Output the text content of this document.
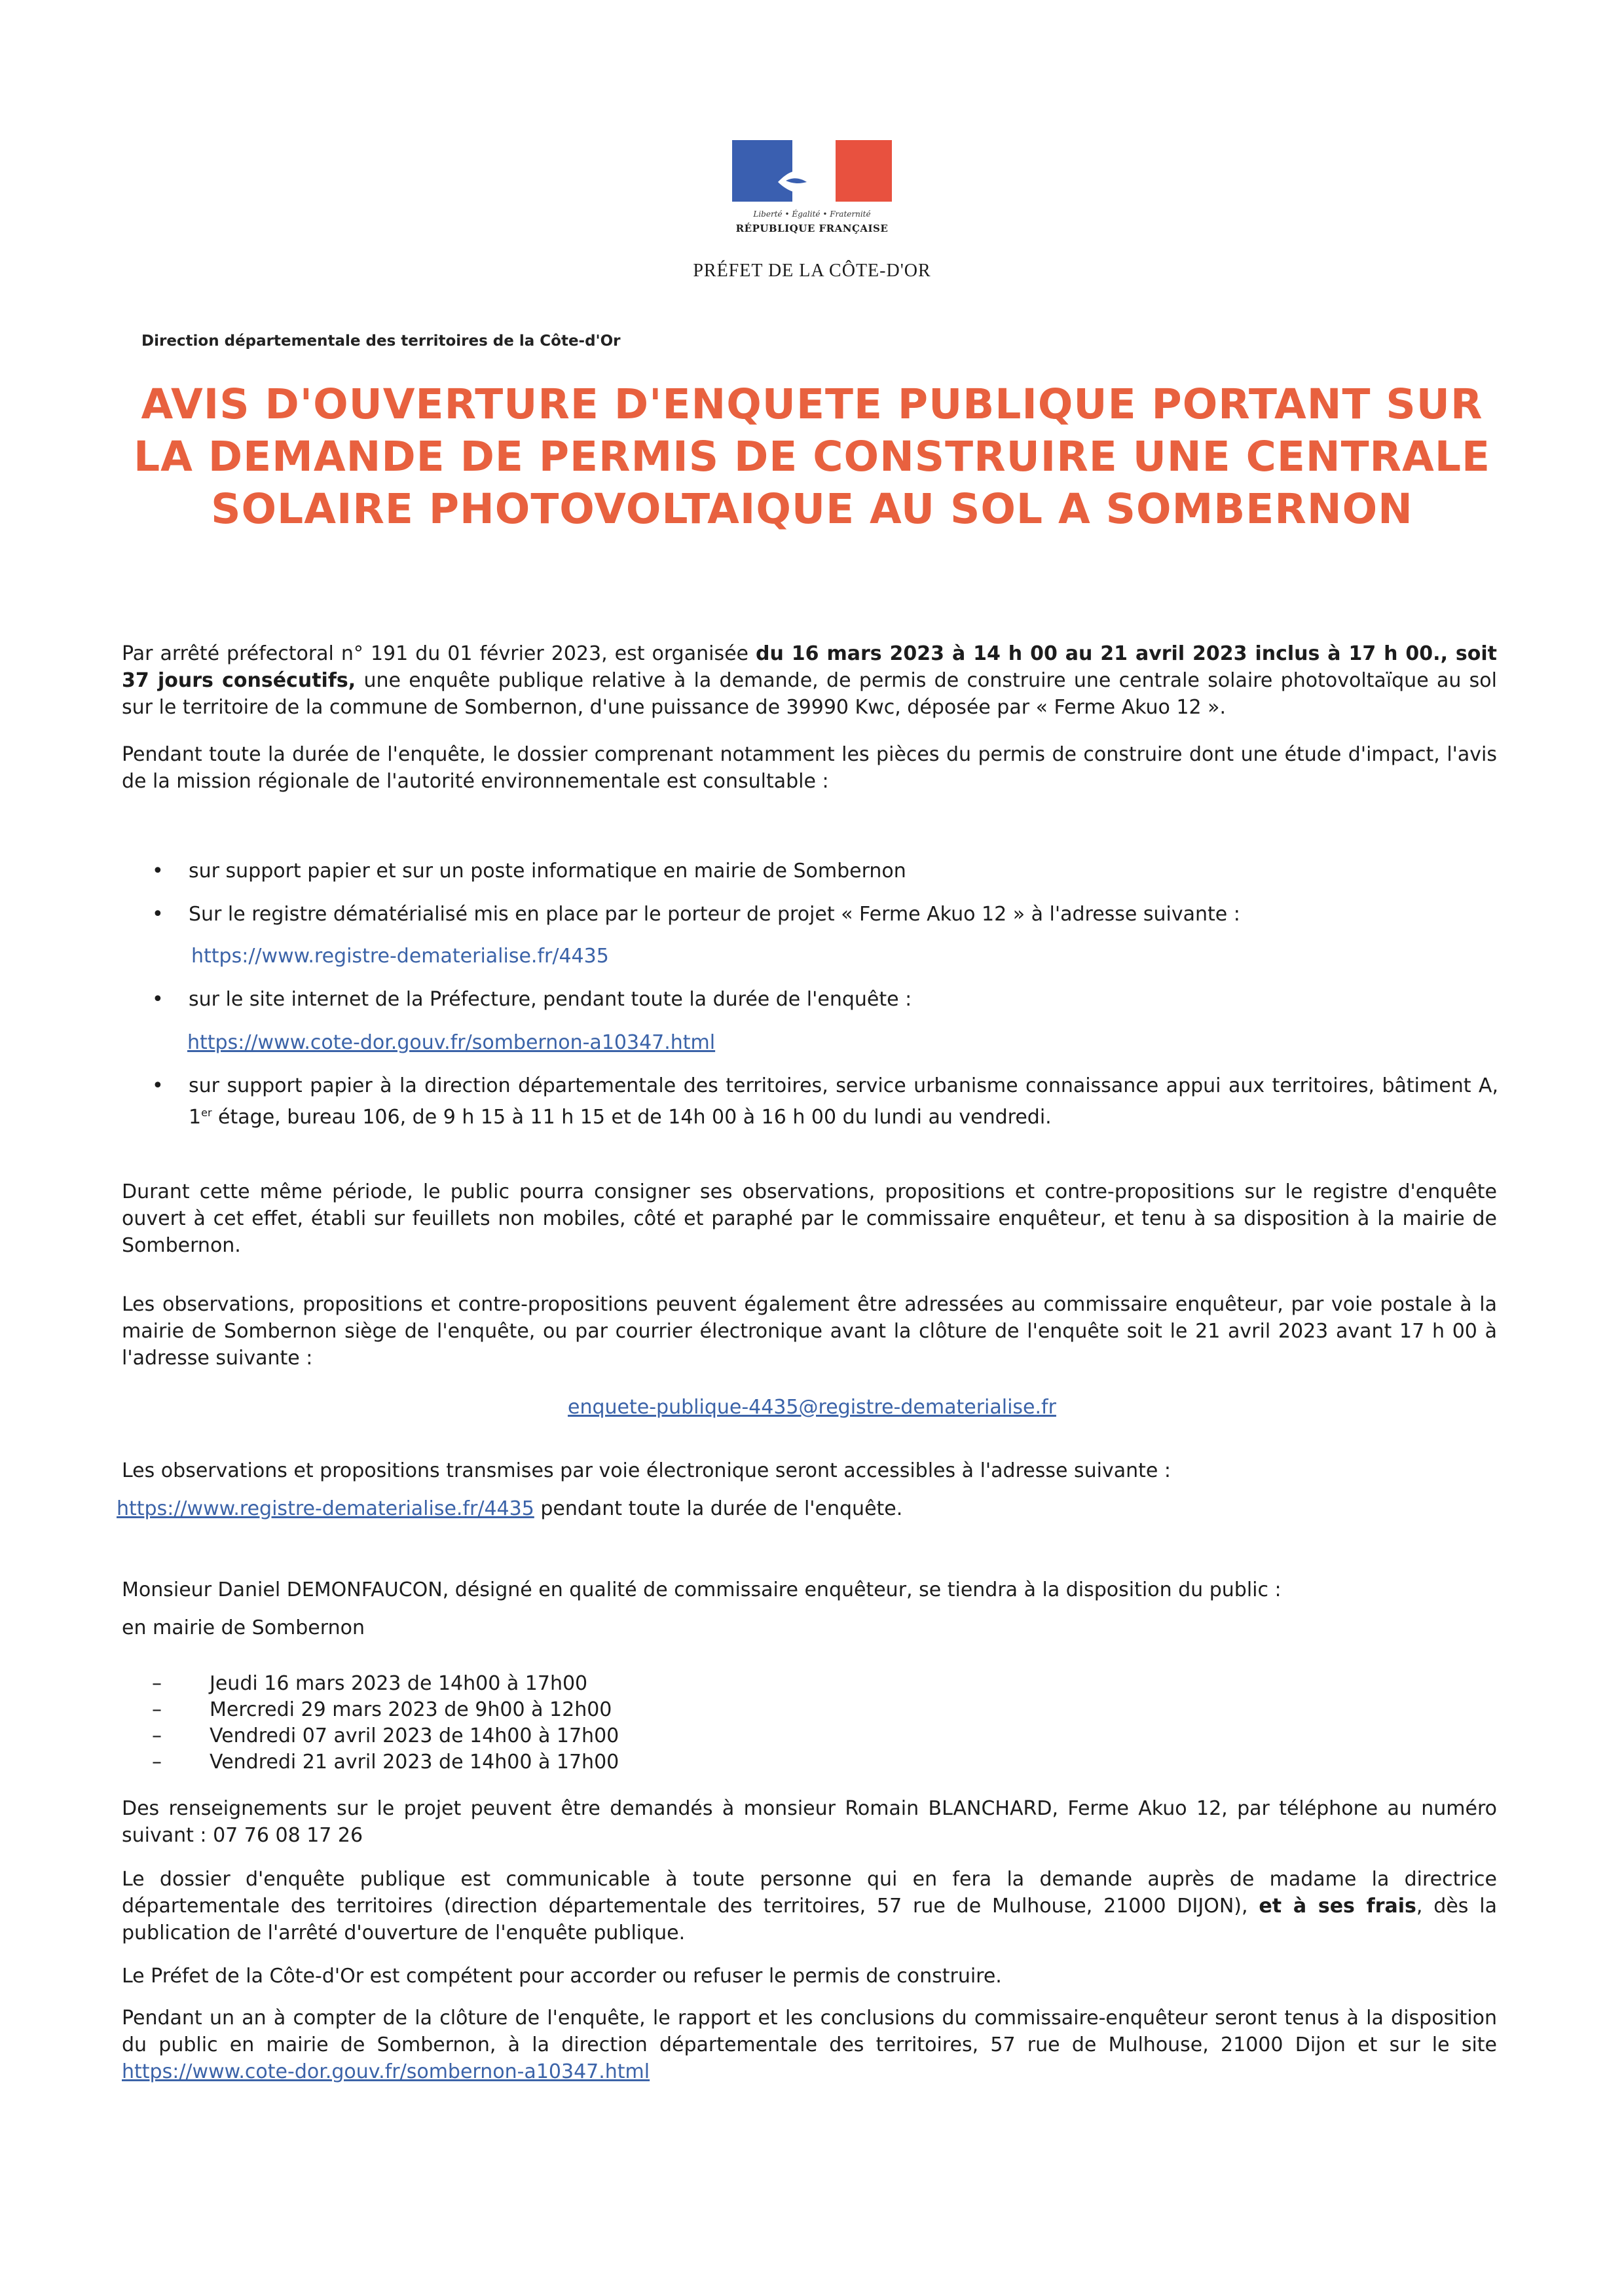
Liberté • Égalité • Fraternité
RÉPUBLIQUE FRANÇAISE
PRÉFET DE LA CÔTE-D'OR
Direction départementale des territoires de la Côte-d'Or
AVIS D'OUVERTURE D'ENQUETE PUBLIQUE PORTANT SUR LA DEMANDE DE PERMIS DE CONSTRUIRE UNE CENTRALE SOLAIRE PHOTOVOLTAIQUE AU SOL A SOMBERNON

Par arrêté préfectoral n° 191 du 01 février 2023, est organisée du 16 mars 2023 à 14 h 00 au 21 avril 2023 inclus à 17 h 00., soit 37 jours consécutifs, une enquête publique relative à la demande, de permis de construire une centrale solaire photovoltaïque au sol sur le territoire de la commune de Sombernon, d'une puissance de 39990 Kwc, déposée par « Ferme Akuo 12 ».

Pendant toute la durée de l'enquête, le dossier comprenant notamment les pièces du permis de construire dont une étude d'impact, l'avis de la mission régionale de l'autorité environnementale est consultable :

• sur support papier et sur un poste informatique en mairie de Sombernon
• Sur le registre dématérialisé mis en place par le porteur de projet « Ferme Akuo 12 » à l'adresse suivante :
https://www.registre-dematerialise.fr/4435
• sur le site internet de la Préfecture, pendant toute la durée de l'enquête :
https://www.cote-dor.gouv.fr/sombernon-a10347.html
• sur support papier à la direction départementale des territoires, service urbanisme connaissance appui aux territoires, bâtiment A, 1er étage, bureau 106, de 9 h 15 à 11 h 15 et de 14h 00 à 16 h 00 du lundi au vendredi.

Durant cette même période, le public pourra consigner ses observations, propositions et contre-propositions sur le registre d'enquête ouvert à cet effet, établi sur feuillets non mobiles, côté et paraphé par le commissaire enquêteur, et tenu à sa disposition à la mairie de Sombernon.

Les observations, propositions et contre-propositions peuvent également être adressées au commissaire enquêteur, par voie postale à la mairie de Sombernon siège de l'enquête, ou par courrier électronique avant la clôture de l'enquête soit le 21 avril 2023 avant 17 h 00 à l'adresse suivante :

enquete-publique-4435@registre-dematerialise.fr

Les observations et propositions transmises par voie électronique seront accessibles à l'adresse suivante :

https://www.registre-dematerialise.fr/4435 pendant toute la durée de l'enquête.

Monsieur Daniel DEMONFAUCON, désigné en qualité de commissaire enquêteur, se tiendra à la disposition du public :

en mairie de Sombernon

– Jeudi 16 mars 2023 de 14h00 à 17h00
– Mercredi 29 mars 2023 de 9h00 à 12h00
– Vendredi 07 avril 2023 de 14h00 à 17h00
– Vendredi 21 avril 2023 de 14h00 à 17h00

Des renseignements sur le projet peuvent être demandés à monsieur Romain BLANCHARD, Ferme Akuo 12, par téléphone au numéro suivant : 07 76 08 17 26

Le dossier d'enquête publique est communicable à toute personne qui en fera la demande auprès de madame la directrice départementale des territoires (direction départementale des territoires, 57 rue de Mulhouse, 21000 DIJON), et à ses frais, dès la publication de l'arrêté d'ouverture de l'enquête publique.

Le Préfet de la Côte-d'Or est compétent pour accorder ou refuser le permis de construire.

Pendant un an à compter de la clôture de l'enquête, le rapport et les conclusions du commissaire-enquêteur seront tenus à la disposition du public en mairie de Sombernon, à la direction départementale des territoires, 57 rue de Mulhouse, 21000 Dijon et sur le site https://www.cote-dor.gouv.fr/sombernon-a10347.html
